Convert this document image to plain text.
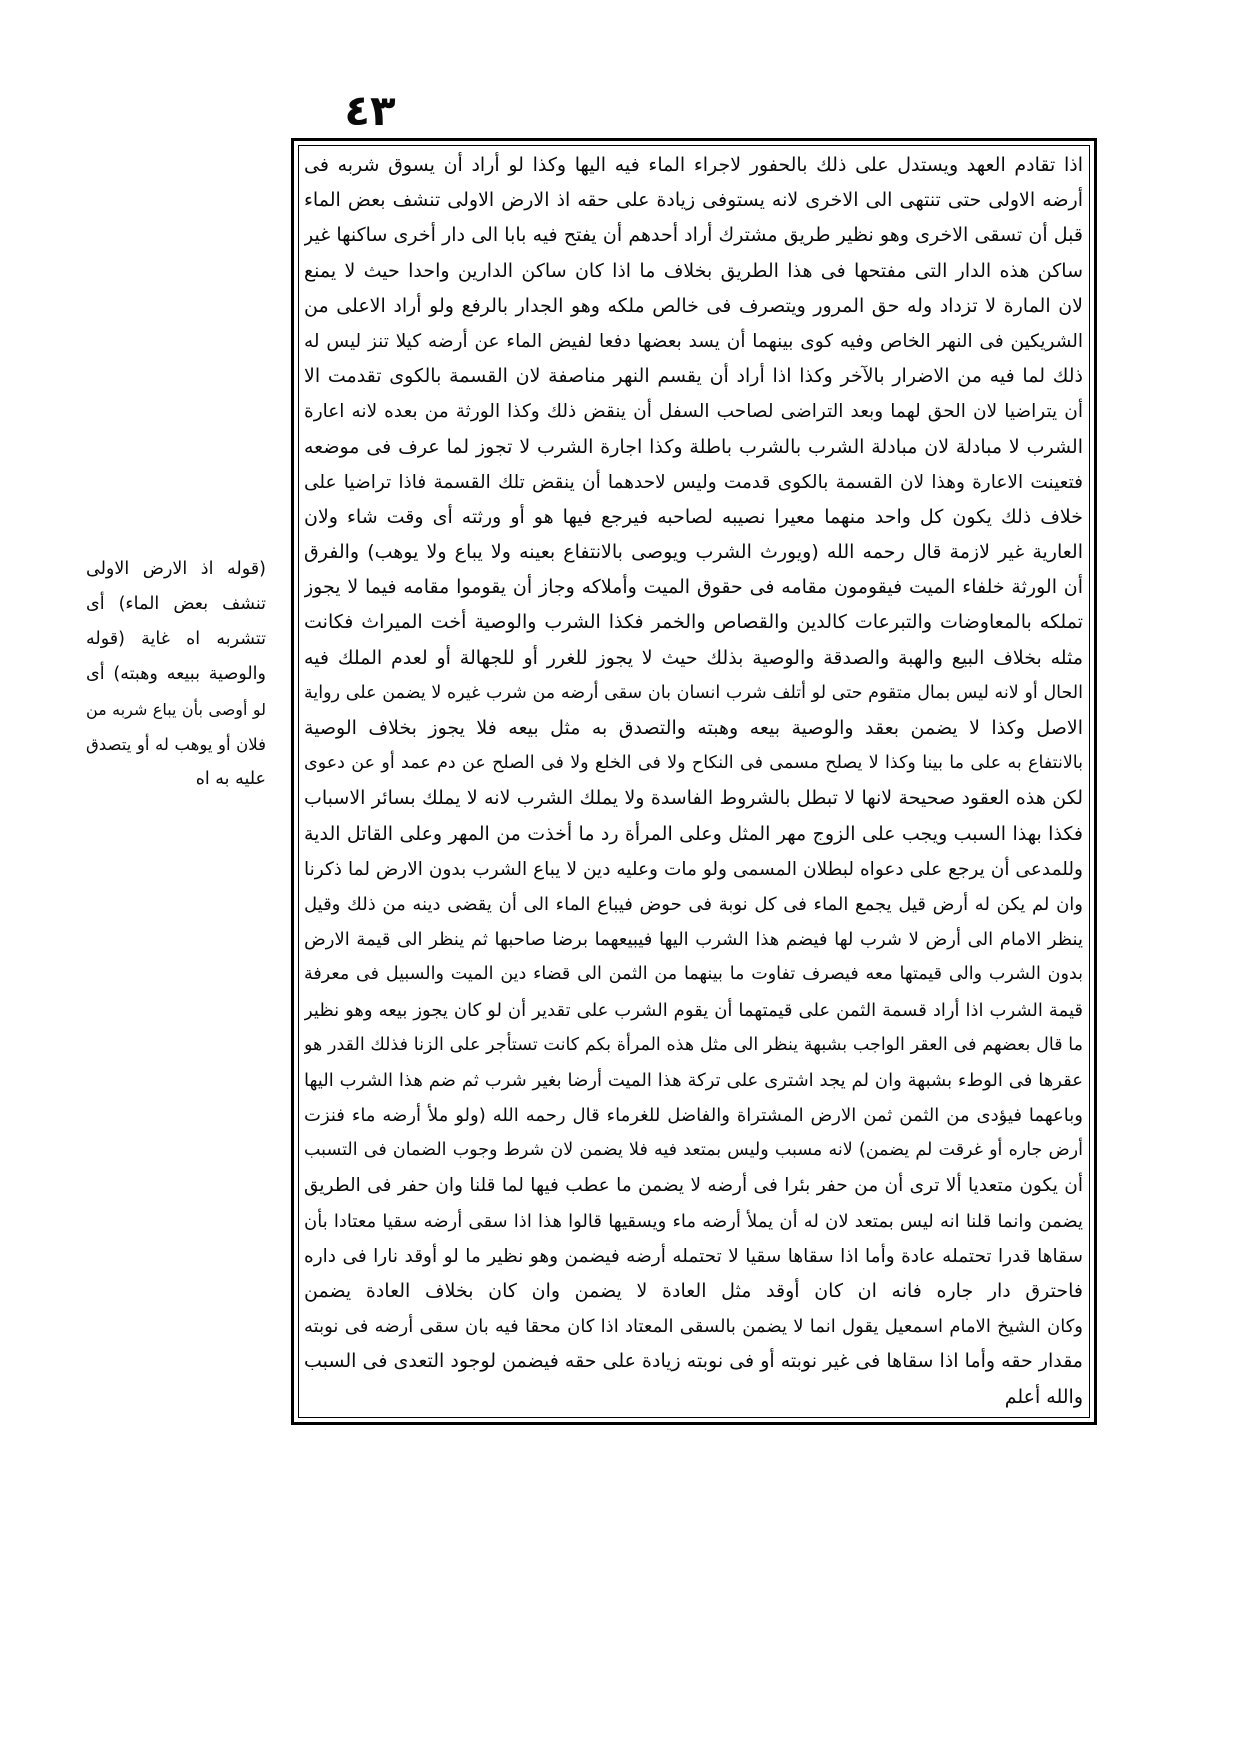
٤٣
اذا تقادم العهد ويستدل على ذلك بالحفور لاجراء الماء فيه اليها وكذا لو أراد أن يسوق شربه فى
أرضه الاولى حتى تنتهى الى الاخرى لانه يستوفى زيادة على حقه اذ الارض الاولى تنشف بعض الماء
قبل أن تسقى الاخرى وهو نظير طريق مشترك أراد أحدهم أن يفتح فيه بابا الى دار أخرى ساكنها غير
ساكن هذه الدار التى مفتحها فى هذا الطريق بخلاف ما اذا كان ساكن الدارين واحدا حيث لا يمنع
لان المارة لا تزداد وله حق المرور ويتصرف فى خالص ملكه وهو الجدار بالرفع ولو أراد الاعلى من
الشريكين فى النهر الخاص وفيه كوى بينهما أن يسد بعضها دفعا لفيض الماء عن أرضه كيلا تنز ليس له
ذلك لما فيه من الاضرار بالآخر وكذا اذا أراد أن يقسم النهر مناصفة لان القسمة بالكوى تقدمت الا
أن يتراضيا لان الحق لهما وبعد التراضى لصاحب السفل أن ينقض ذلك وكذا الورثة من بعده لانه اعارة
الشرب لا مبادلة لان مبادلة الشرب بالشرب باطلة وكذا اجارة الشرب لا تجوز لما عرف فى موضعه
فتعينت الاعارة وهذا لان القسمة بالكوى قدمت وليس لاحدهما أن ينقض تلك القسمة فاذا تراضيا على
خلاف ذلك يكون كل واحد منهما معيرا نصيبه لصاحبه فيرجع فيها هو أو ورثته أى وقت شاء ولان
العارية غير لازمة قال رحمه الله (ويورث الشرب ويوصى بالانتفاع بعينه ولا يباع ولا يوهب) والفرق
أن الورثة خلفاء الميت فيقومون مقامه فى حقوق الميت وأملاكه وجاز أن يقوموا مقامه فيما لا يجوز
تملكه بالمعاوضات والتبرعات كالدين والقصاص والخمر فكذا الشرب والوصية أخت الميراث فكانت
مثله بخلاف البيع والهبة والصدقة والوصية بذلك حيث لا يجوز للغرر أو للجهالة أو لعدم الملك فيه
الحال أو لانه ليس بمال متقوم حتى لو أتلف شرب انسان بان سقى أرضه من شرب غيره لا يضمن على رواية
الاصل وكذا لا يضمن بعقد والوصية بيعه وهبته والتصدق به مثل بيعه فلا يجوز بخلاف الوصية
بالانتفاع به على ما بينا وكذا لا يصلح مسمى فى النكاح ولا فى الخلع ولا فى الصلح عن دم عمد أو عن دعوى
لكن هذه العقود صحيحة لانها لا تبطل بالشروط الفاسدة ولا يملك الشرب لانه لا يملك بسائر الاسباب
فكذا بهذا السبب ويجب على الزوج مهر المثل وعلى المرأة رد ما أخذت من المهر وعلى القاتل الدية
وللمدعى أن يرجع على دعواه لبطلان المسمى ولو مات وعليه دين لا يباع الشرب بدون الارض لما ذكرنا
وان لم يكن له أرض قيل يجمع الماء فى كل نوبة فى حوض فيباع الماء الى أن يقضى دينه من ذلك وقيل
ينظر الامام الى أرض لا شرب لها فيضم هذا الشرب اليها فيبيعهما برضا صاحبها ثم ينظر الى قيمة الارض
بدون الشرب والى قيمتها معه فيصرف تفاوت ما بينهما من الثمن الى قضاء دين الميت والسبيل فى معرفة
قيمة الشرب اذا أراد قسمة الثمن على قيمتهما أن يقوم الشرب على تقدير أن لو كان يجوز بيعه وهو نظير
ما قال بعضهم فى العقر الواجب بشبهة ينظر الى مثل هذه المرأة بكم كانت تستأجر على الزنا فذلك القدر هو
عقرها فى الوطء بشبهة وان لم يجد اشترى على تركة هذا الميت أرضا بغير شرب ثم ضم هذا الشرب اليها
وباعهما فيؤدى من الثمن ثمن الارض المشتراة والفاضل للغرماء قال رحمه الله (ولو ملأ أرضه ماء فنزت
أرض جاره أو غرقت لم يضمن) لانه مسبب وليس بمتعد فيه فلا يضمن لان شرط وجوب الضمان فى التسبب
أن يكون متعديا ألا ترى أن من حفر بئرا فى أرضه لا يضمن ما عطب فيها لما قلنا وان حفر فى الطريق
يضمن وانما قلنا انه ليس بمتعد لان له أن يملأ أرضه ماء ويسقيها قالوا هذا اذا سقى أرضه سقيا معتادا بأن
سقاها قدرا تحتمله عادة وأما اذا سقاها سقيا لا تحتمله أرضه فيضمن وهو نظير ما لو أوقد نارا فى داره
فاحترق دار جاره فانه ان كان أوقد مثل العادة لا يضمن وان كان بخلاف العادة يضمن
وكان الشيخ الامام اسمعيل يقول انما لا يضمن بالسقى المعتاد اذا كان محقا فيه بان سقى أرضه فى نوبته
مقدار حقه وأما اذا سقاها فى غير نوبته أو فى نوبته زيادة على حقه فيضمن لوجود التعدى فى السبب
والله أعلم
(قوله اذ الارض الاولى
تنشف بعض الماء) أى
تتشربه اه غاية (قوله
والوصية ببيعه وهبته) أى
لو أوصى بأن يباع شربه من
فلان أو يوهب له أو يتصدق
عليه به اه
